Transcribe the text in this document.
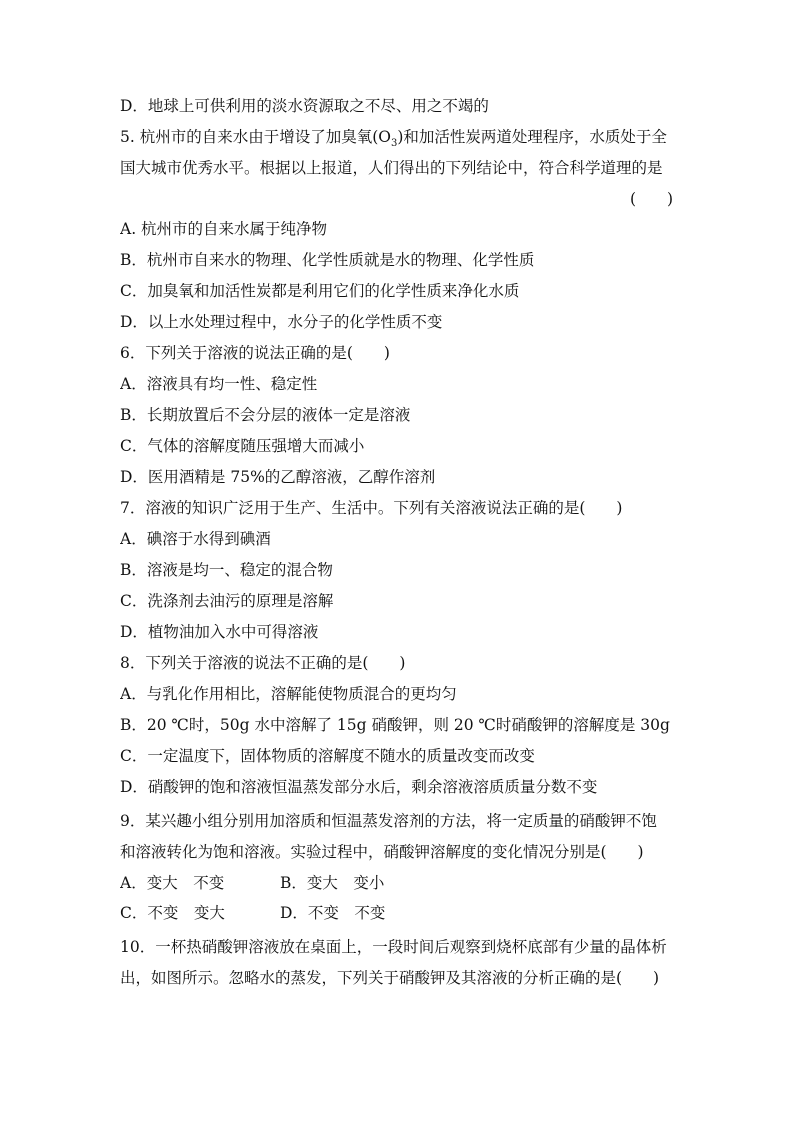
D．地球上可供利用的淡水资源取之不尽、用之不竭的
5. 杭州市的自来水由于增设了加臭氧$(O_3)$和加活性炭两道处理程序，水质处于全
国大城市优秀水平。根据以上报道，人们得出的下列结论中，符合科学道理的是
(　　)
A. 杭州市的自来水属于纯净物
B．杭州市自来水的物理、化学性质就是水的物理、化学性质
C．加臭氧和加活性炭都是利用它们的化学性质来净化水质
D．以上水处理过程中，水分子的化学性质不变
6．下列关于溶液的说法正确的是(　　)
A．溶液具有均一性、稳定性
B．长期放置后不会分层的液体一定是溶液
C．气体的溶解度随压强增大而减小
D．医用酒精是 75%的乙醇溶液，乙醇作溶剂
7．溶液的知识广泛用于生产、生活中。下列有关溶液说法正确的是(　　)
A．碘溶于水得到碘酒
B．溶液是均一、稳定的混合物
C．洗涤剂去油污的原理是溶解
D．植物油加入水中可得溶液
8．下列关于溶液的说法不正确的是(　　)
A．与乳化作用相比，溶解能使物质混合的更均匀
B．20 ℃时，50g 水中溶解了 15g 硝酸钾，则 20 ℃时硝酸钾的溶解度是 30g
C．一定温度下，固体物质的溶解度不随水的质量改变而改变
D．硝酸钾的饱和溶液恒温蒸发部分水后，剩余溶液溶质质量分数不变
9．某兴趣小组分别用加溶质和恒温蒸发溶剂的方法，将一定质量的硝酸钾不饱
和溶液转化为饱和溶液。实验过程中，硝酸钾溶解度的变化情况分别是(　　)
A．变大　不变	B．变大　变小
C．不变　变大	D．不变　不变
10．一杯热硝酸钾溶液放在桌面上，一段时间后观察到烧杯底部有少量的晶体析
出，如图所示。忽略水的蒸发，下列关于硝酸钾及其溶液的分析正确的是(　　)
